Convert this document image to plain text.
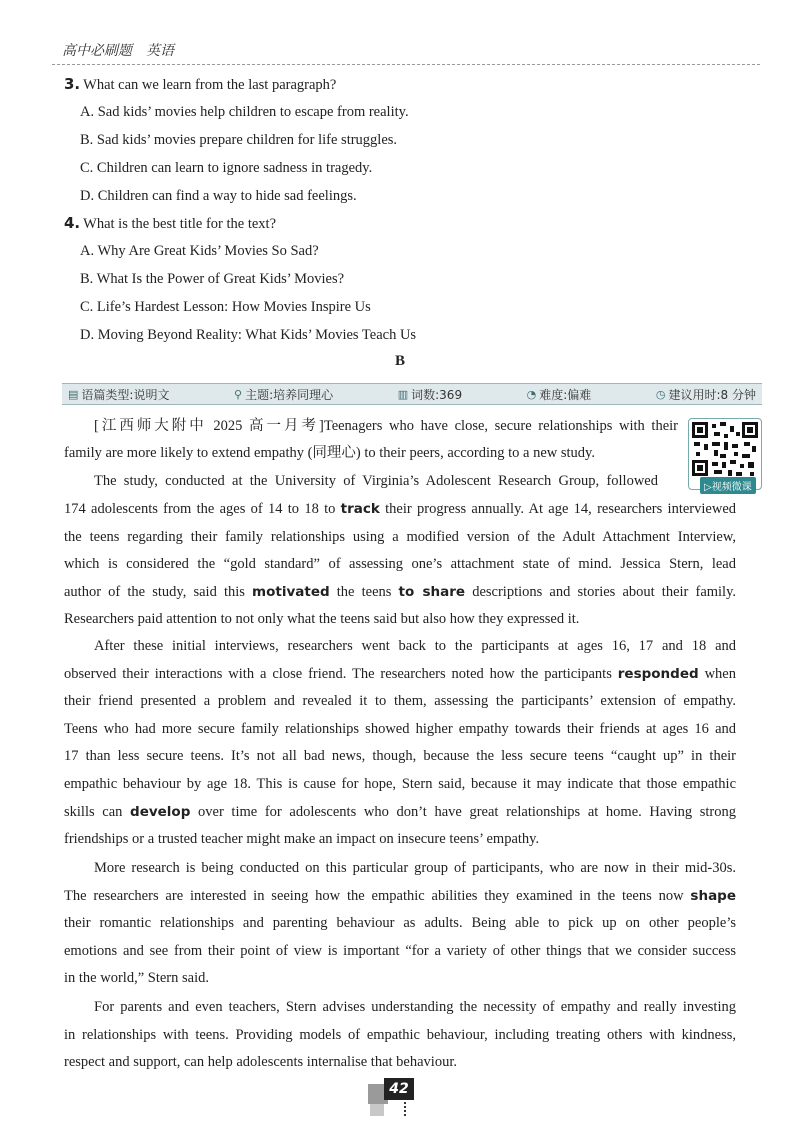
高中必刷题　英语
3. What can we learn from the last paragraph?
A. Sad kids’ movies help children to escape from reality.
B. Sad kids’ movies prepare children for life struggles.
C. Children can learn to ignore sadness in tragedy.
D. Children can find a way to hide sad feelings.
4. What is the best title for the text?
A. Why Are Great Kids’ Movies So Sad?
B. What Is the Power of Great Kids’ Movies?
C. Life’s Hardest Lesson: How Movies Inspire Us
D. Moving Beyond Reality: What Kids’ Movies Teach Us
B
▤ 语篇类型:说明文	⚲ 主题:培养同理心	▥ 词数:369	◔ 难度:偏难	◷ 建议用时:8 分钟
▷视频微课
[江西师大附中 2025 高一月考]Teenagers who have close, secure relationships with their
family are more likely to extend empathy (同理心) to their peers, according to a new study.
The study, conducted at the University of Virginia’s Adolescent Research Group, followed
174 adolescents from the ages of 14 to 18 to track their progress annually. At age 14, researchers interviewed
the teens regarding their family relationships using a modified version of the Adult Attachment Interview,
which is considered the “gold standard” of assessing one’s attachment state of mind. Jessica Stern, lead
author of the study, said this motivated the teens to share descriptions and stories about their family.
Researchers paid attention to not only what the teens said but also how they expressed it.
After these initial interviews, researchers went back to the participants at ages 16, 17 and 18 and
observed their interactions with a close friend. The researchers noted how the participants responded when
their friend presented a problem and revealed it to them, assessing the participants’ extension of empathy.
Teens who had more secure family relationships showed higher empathy towards their friends at ages 16 and
17 than less secure teens. It’s not all bad news, though, because the less secure teens “caught up” in their
empathic behaviour by age 18. This is cause for hope, Stern said, because it may indicate that those empathic
skills can develop over time for adolescents who don’t have great relationships at home. Having strong
friendships or a trusted teacher might make an impact on insecure teens’ empathy.
More research is being conducted on this particular group of participants, who are now in their mid-30s.
The researchers are interested in seeing how the empathic abilities they examined in the teens now shape
their romantic relationships and parenting behaviour as adults. Being able to pick up on other people’s
emotions and see from their point of view is important “for a variety of other things that we consider success
in the world,” Stern said.
For parents and even teachers, Stern advises understanding the necessity of empathy and really investing
in relationships with teens. Providing models of empathic behaviour, including treating others with kindness,
respect and support, can help adolescents internalise that behaviour.
42
